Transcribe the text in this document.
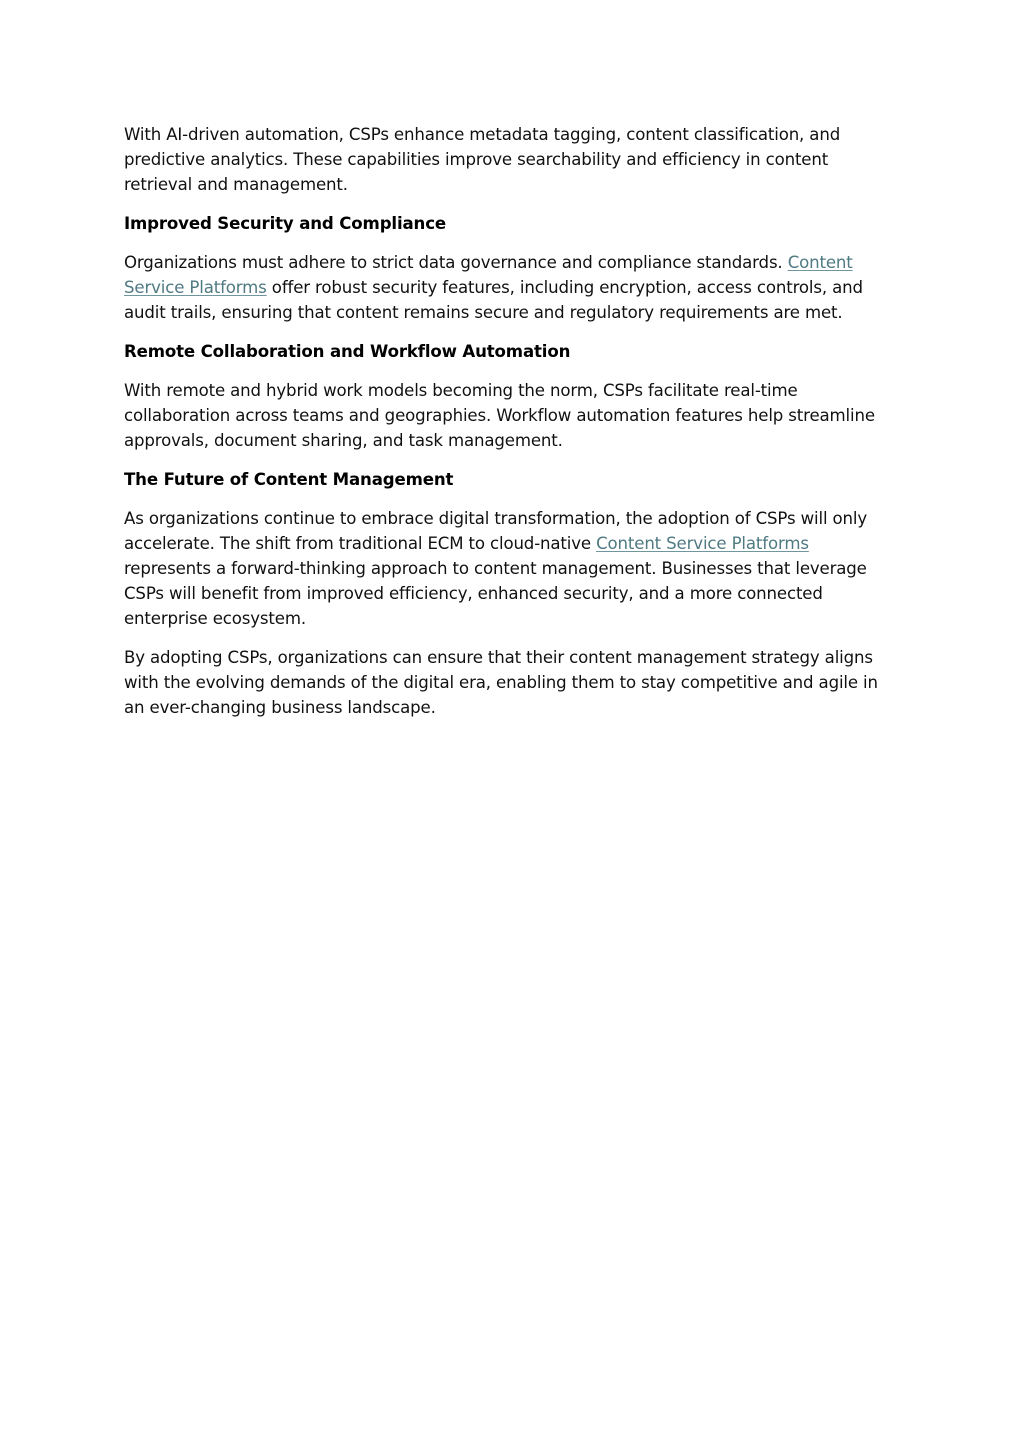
With AI-driven automation, CSPs enhance metadata tagging, content classification, and predictive analytics. These capabilities improve searchability and efficiency in content retrieval and management.

Improved Security and Compliance

Organizations must adhere to strict data governance and compliance standards. Content Service Platforms offer robust security features, including encryption, access controls, and audit trails, ensuring that content remains secure and regulatory requirements are met.

Remote Collaboration and Workflow Automation

With remote and hybrid work models becoming the norm, CSPs facilitate real-time collaboration across teams and geographies. Workflow automation features help streamline approvals, document sharing, and task management.

The Future of Content Management

As organizations continue to embrace digital transformation, the adoption of CSPs will only accelerate. The shift from traditional ECM to cloud-native Content Service Platforms represents a forward-thinking approach to content management. Businesses that leverage CSPs will benefit from improved efficiency, enhanced security, and a more connected enterprise ecosystem.

By adopting CSPs, organizations can ensure that their content management strategy aligns with the evolving demands of the digital era, enabling them to stay competitive and agile in an ever-changing business landscape.
